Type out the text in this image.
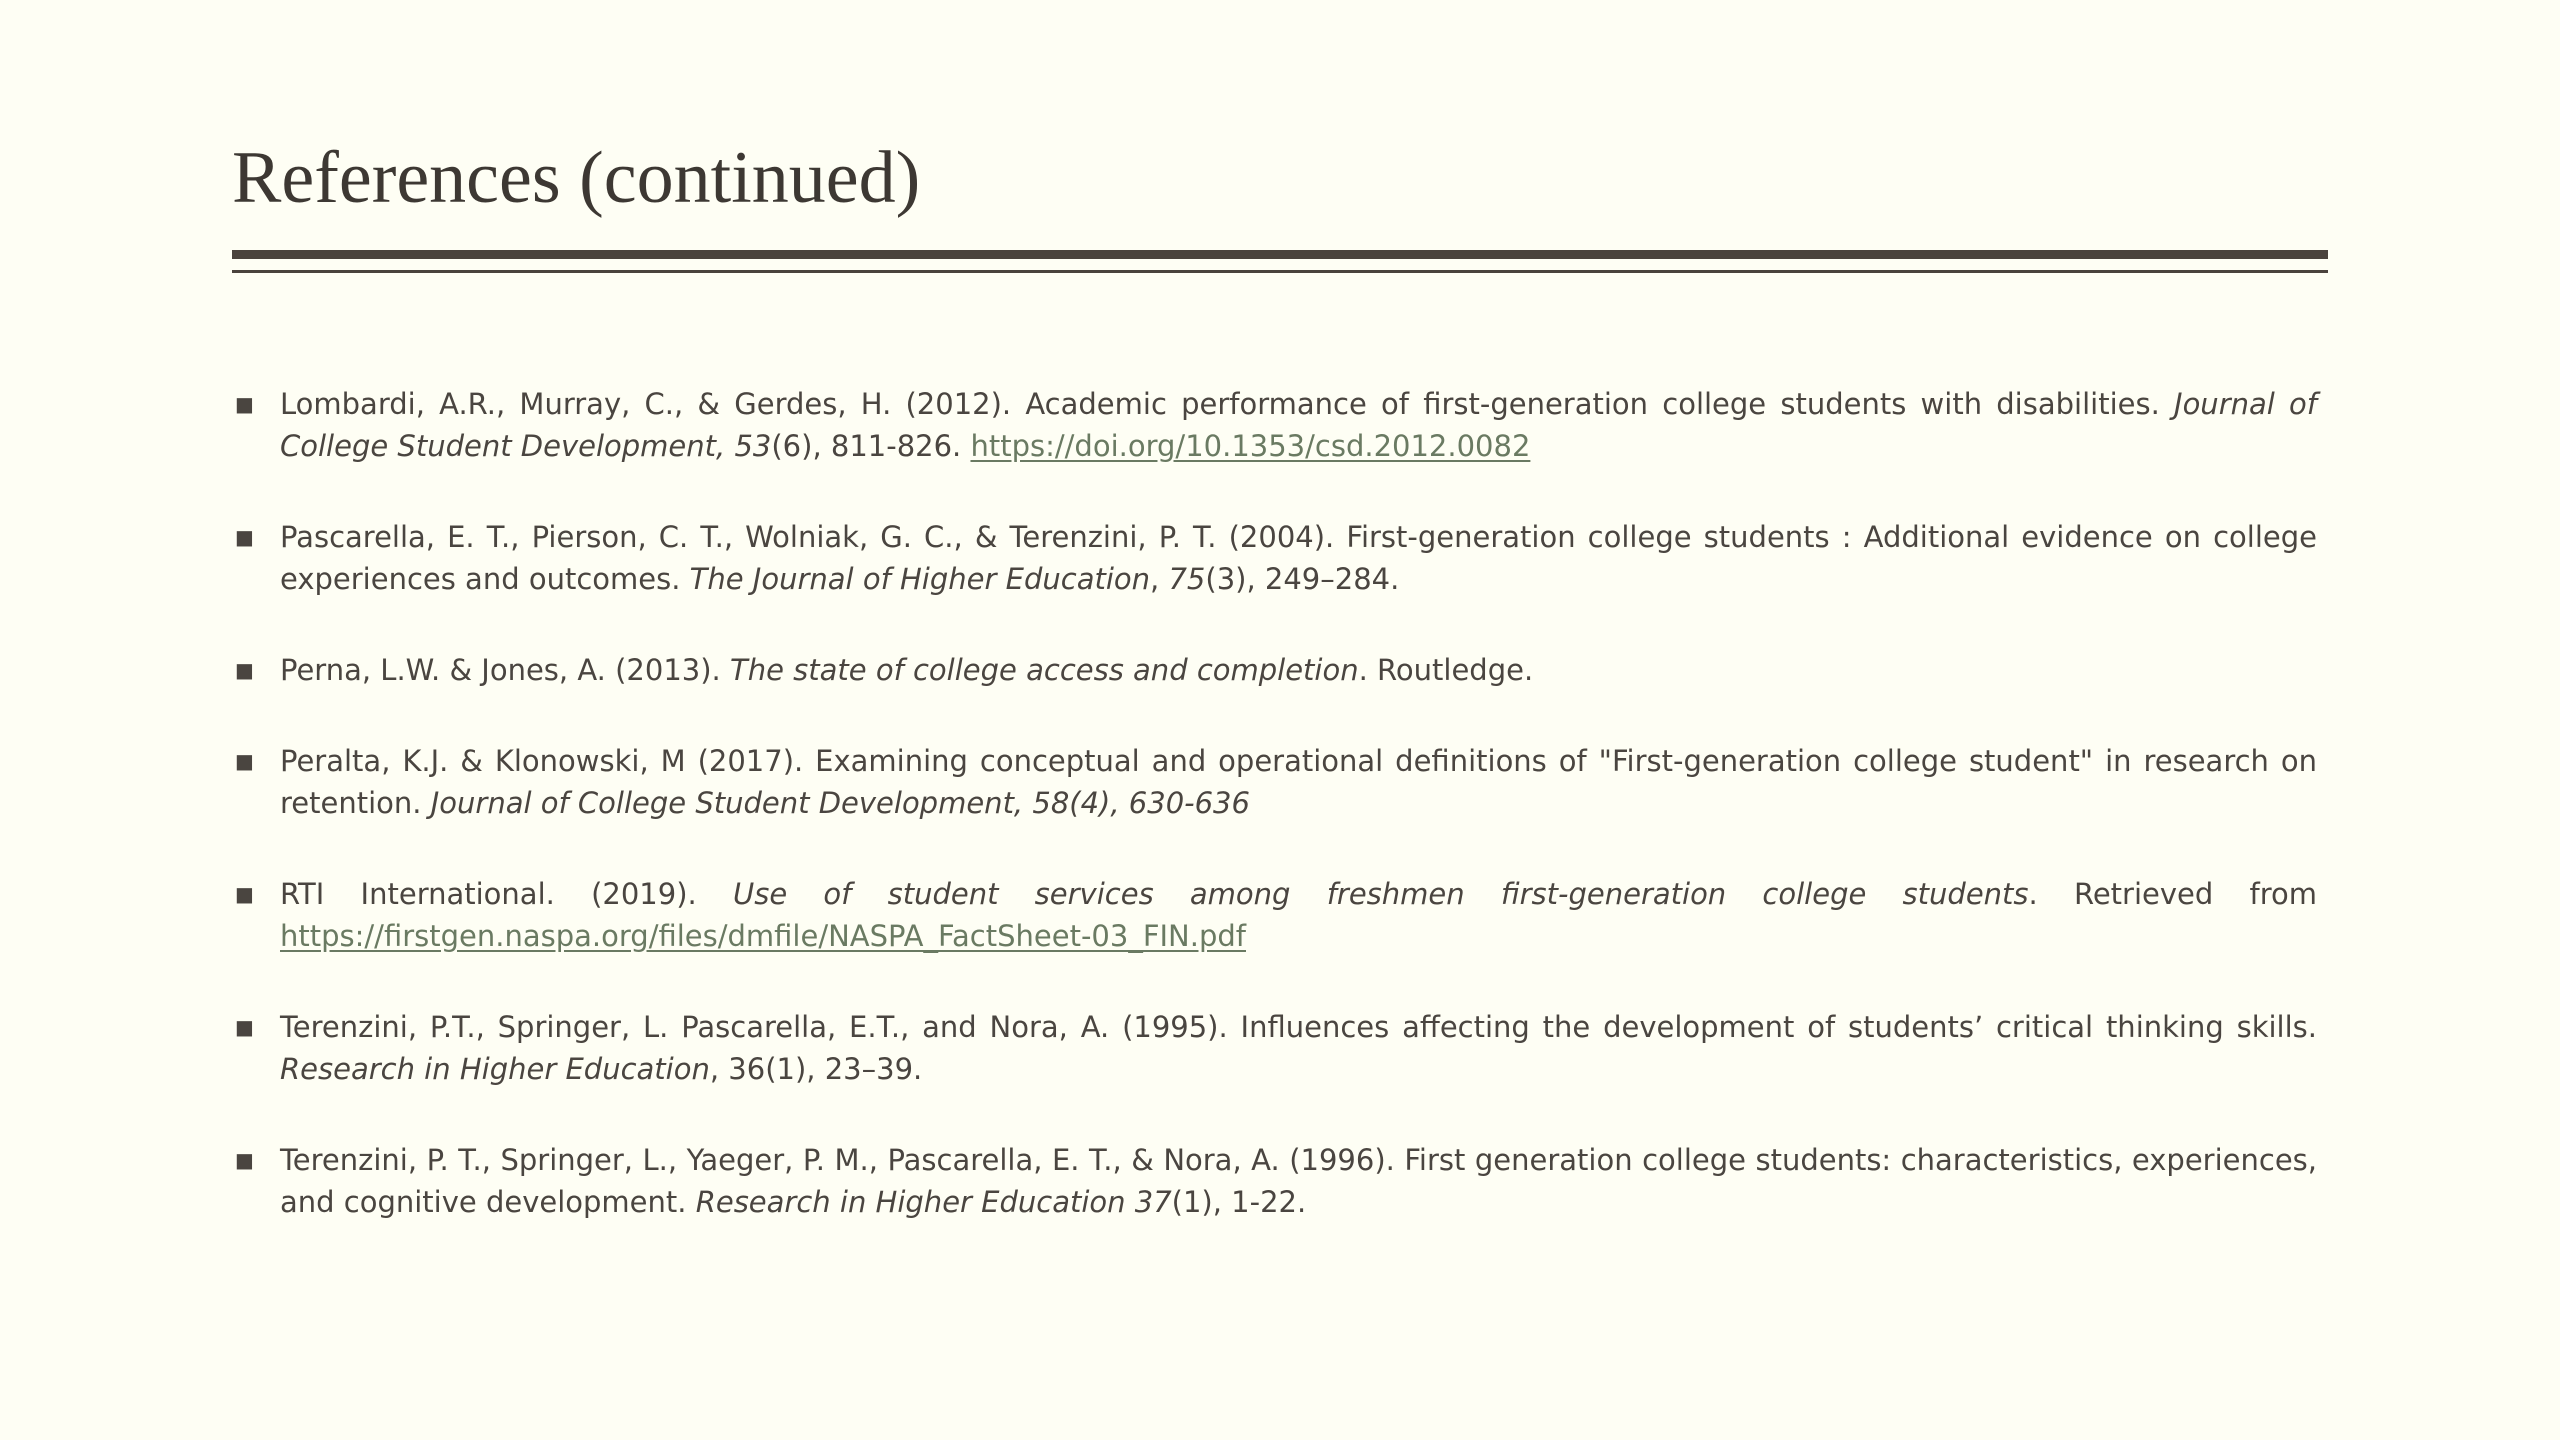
References (continued)
■ Lombardi, A.R., Murray, C., & Gerdes, H. (2012). Academic performance of first-generation college students with disabilities. Journal of College Student Development, 53(6), 811-826. https://doi.org/10.1353/csd.2012.0082
■ Pascarella, E. T., Pierson, C. T., Wolniak, G. C., & Terenzini, P. T. (2004). First-generation college students : Additional evidence on college experiences and outcomes. The Journal of Higher Education, 75(3), 249–284.
■ Perna, L.W. & Jones, A. (2013). The state of college access and completion. Routledge.
■ Peralta, K.J. & Klonowski, M (2017). Examining conceptual and operational definitions of "First-generation college student" in research on retention. Journal of College Student Development, 58(4), 630-636
■ RTI International. (2019). Use of student services among freshmen first-generation college students. Retrieved from https://firstgen.naspa.org/files/dmfile/NASPA_FactSheet-03_FIN.pdf
■ Terenzini, P.T., Springer, L. Pascarella, E.T., and Nora, A. (1995). Influences affecting the development of students’ critical thinking skills. Research in Higher Education, 36(1), 23–39.
■ Terenzini, P. T., Springer, L., Yaeger, P. M., Pascarella, E. T., & Nora, A. (1996). First generation college students: characteristics, experiences, and cognitive development. Research in Higher Education 37(1), 1-22.
